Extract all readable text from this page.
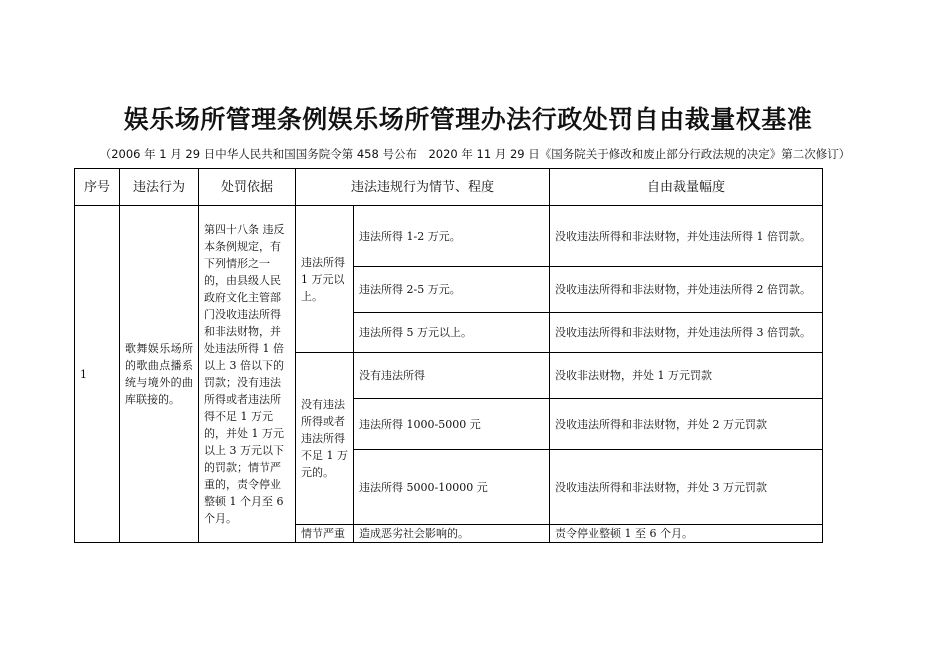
娱乐场所管理条例娱乐场所管理办法行政处罚自由裁量权基准
（2006 年 1 月 29 日中华人民共和国国务院令第 458 号公布　2020 年 11 月 29 日《国务院关于修改和废止部分行政法规的决定》第二次修订）
序号	违法行为	处罚依据	违法违规行为情节、程度		自由裁量幅度
1	歌舞娱乐场所的歌曲点播系统与境外的曲库联接的。	第四十八条 违反本条例规定，有下列情形之一的，由县级人民政府文化主管部门没收违法所得和非法财物，并处违法所得 1 倍以上 3 倍以下的罚款；没有违法所得或者违法所得不足 1 万元的，并处 1 万元以上 3 万元以下的罚款；情节严重的，责令停业整顿 1 个月至 6 个月。	违法所得 1 万元以上。	违法所得 1-2 万元。	没收违法所得和非法财物，并处违法所得 1 倍罚款。
				违法所得 2-5 万元。	没收违法所得和非法财物，并处违法所得 2 倍罚款。
				违法所得 5 万元以上。	没收违法所得和非法财物，并处违法所得 3 倍罚款。
			没有违法所得或者违法所得不足 1 万元的。	没有违法所得	没收非法财物，并处 1 万元罚款
				违法所得 1000-5000 元	没收违法所得和非法财物，并处 2 万元罚款
				违法所得 5000-10000 元	没收违法所得和非法财物，并处 3 万元罚款
			情节严重	造成恶劣社会影响的。	责令停业整顿 1 至 6 个月。
